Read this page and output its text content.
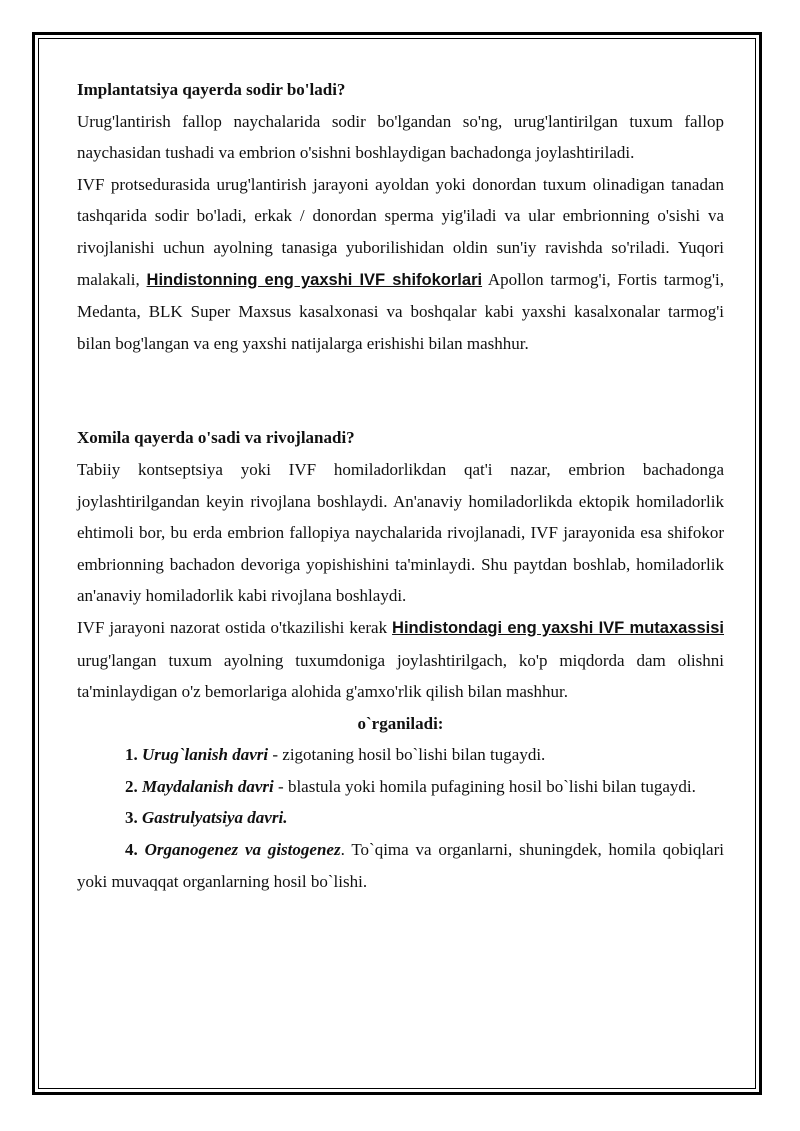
Implantatsiya qayerda sodir bo'ladi?

Urug'lantirish fallop naychalarida sodir bo'lgandan so'ng, urug'lantirilgan tuxum fallop naychasidan tushadi va embrion o'sishni boshlaydigan bachadonga joylashtiriladi.

IVF protsedurasida urug'lantirish jarayoni ayoldan yoki donordan tuxum olinadigan tanadan tashqarida sodir bo'ladi, erkak / donordan sperma yig'iladi va ular embrionning o'sishi va rivojlanishi uchun ayolning tanasiga yuborilishidan oldin sun'iy ravishda so'riladi. Yuqori malakali, Hindistonning eng yaxshi IVF shifokorlari Apollon tarmog'i, Fortis tarmog'i, Medanta, BLK Super Maxsus kasalxonasi va boshqalar kabi yaxshi kasalxonalar tarmog'i bilan bog'langan va eng yaxshi natijalarga erishishi bilan mashhur.

Xomila qayerda o'sadi va rivojlanadi?

Tabiiy kontseptsiya yoki IVF homiladorlikdan qat'i nazar, embrion bachadonga joylashtirilgandan keyin rivojlana boshlaydi. An'anaviy homiladorlikda ektopik homiladorlik ehtimoli bor, bu erda embrion fallopiya naychalarida rivojlanadi, IVF jarayonida esa shifokor embrionning bachadon devoriga yopishishini ta'minlaydi. Shu paytdan boshlab, homiladorlik an'anaviy homiladorlik kabi rivojlana boshlaydi.

IVF jarayoni nazorat ostida o'tkazilishi kerak Hindistondagi eng yaxshi IVF mutaxassisi urug'langan tuxum ayolning tuxumdoniga joylashtirilgach, ko'p miqdorda dam olishni ta'minlaydigan o'z bemorlariga alohida g'amxo'rlik qilish bilan mashhur.

o`rganiladi:

1. Urug`lanish davri - zigotaning hosil bo`lishi bilan tugaydi.

2. Maydalanish davri - blastula yoki homila pufagining hosil bo`lishi bilan tugaydi.

3. Gastrulyatsiya davri.

4. Organogenez va gistogenez. To`qima va organlarni, shuningdek, homila qobiqlari yoki muvaqqat organlarning hosil bo`lishi.
